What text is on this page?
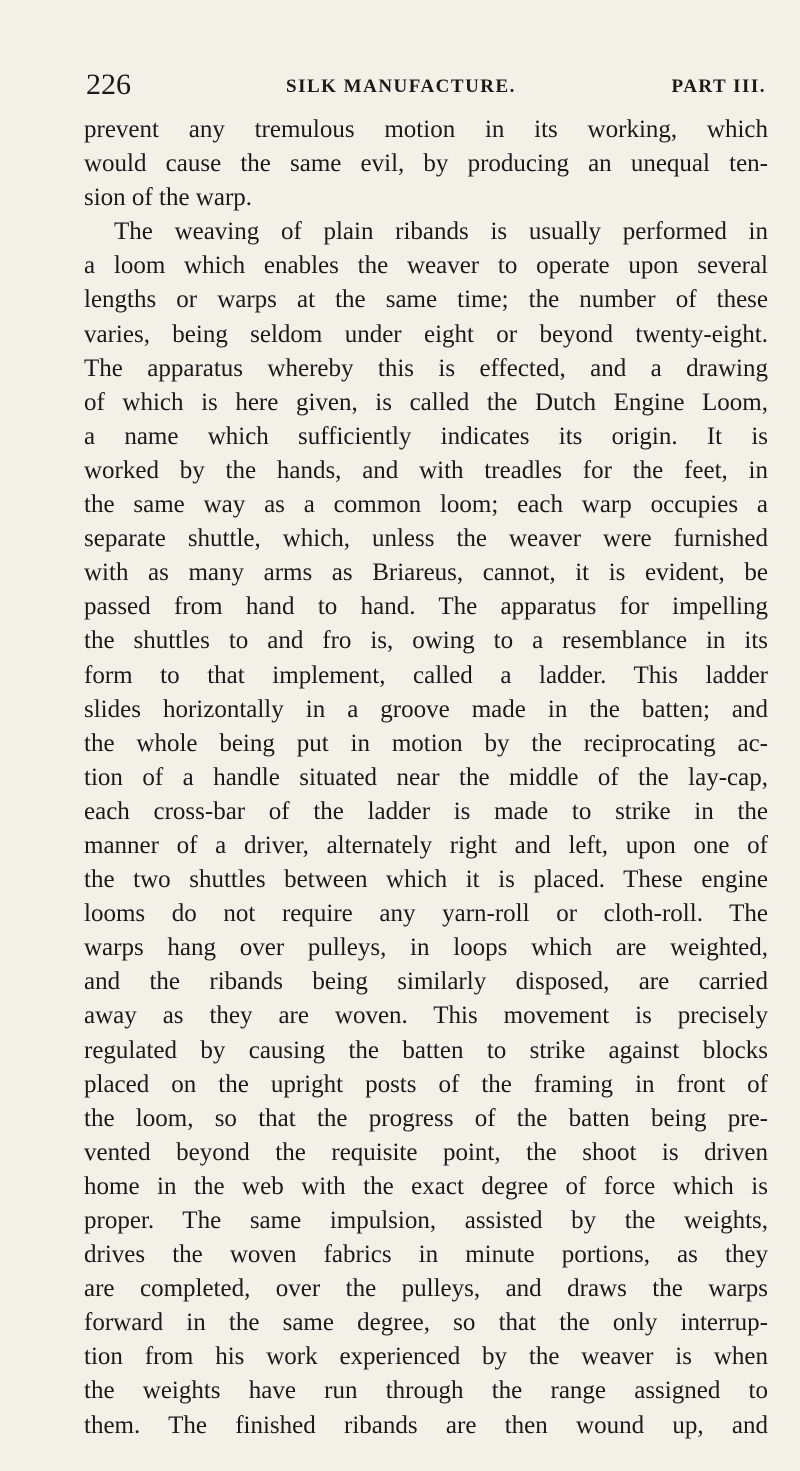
226	SILK MANUFACTURE.	PART III.
prevent any tremulous motion in its working, which
would cause the same evil, by producing an unequal ten-
sion of the warp.
The weaving of plain ribands is usually performed in
a loom which enables the weaver to operate upon several
lengths or warps at the same time; the number of these
varies, being seldom under eight or beyond twenty-eight.
The apparatus whereby this is effected, and a drawing
of which is here given, is called the Dutch Engine Loom,
a name which sufficiently indicates its origin. It is
worked by the hands, and with treadles for the feet, in
the same way as a common loom; each warp occupies a
separate shuttle, which, unless the weaver were furnished
with as many arms as Briareus, cannot, it is evident, be
passed from hand to hand. The apparatus for impelling
the shuttles to and fro is, owing to a resemblance in its
form to that implement, called a ladder. This ladder
slides horizontally in a groove made in the batten; and
the whole being put in motion by the reciprocating ac-
tion of a handle situated near the middle of the lay-cap,
each cross-bar of the ladder is made to strike in the
manner of a driver, alternately right and left, upon one of
the two shuttles between which it is placed. These engine
looms do not require any yarn-roll or cloth-roll. The
warps hang over pulleys, in loops which are weighted,
and the ribands being similarly disposed, are carried
away as they are woven. This movement is precisely
regulated by causing the batten to strike against blocks
placed on the upright posts of the framing in front of
the loom, so that the progress of the batten being pre-
vented beyond the requisite point, the shoot is driven
home in the web with the exact degree of force which is
proper. The same impulsion, assisted by the weights,
drives the woven fabrics in minute portions, as they
are completed, over the pulleys, and draws the warps
forward in the same degree, so that the only interrup-
tion from his work experienced by the weaver is when
the weights have run through the range assigned to
them. The finished ribands are then wound up, and
